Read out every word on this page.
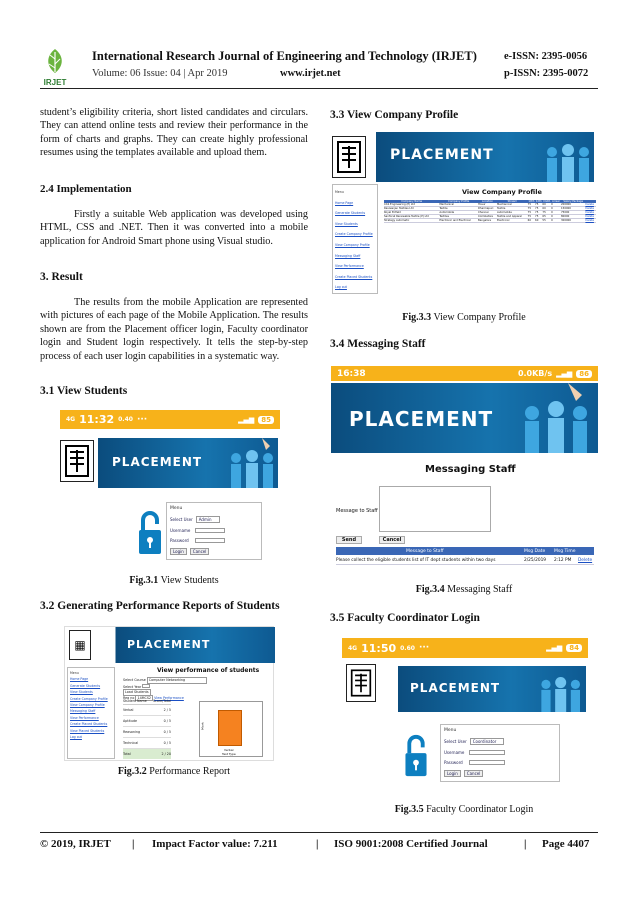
IRJET
International Research Journal of Engineering and Technology (IRJET)	e-ISSN: 2395-0056
Volume: 06 Issue: 04 | Apr 2019	www.irjet.net	p-ISSN: 2395-0072
student’s eligibility criteria, short listed candidates and circulars. They can attend online tests and review their performance in the form of charts and graphs. They can create highly professional resumes using the templates available and upload them.
2.4 Implementation
Firstly a suitable Web application was developed using HTML, CSS and .NET. Then it was converted into a mobile application for Android Smart phone using Visual studio.
3. Result
The results from the mobile Application are represented with pictures of each page of the Mobile Application. The results shown are from the Placement officer login, Faculty coordinator login and Student login respectively. It tells the step-by-step process of each user login capabilities in a systematic way.
3.1 View Students
4G 11:32 0.40 ···	▂▄▆	85
PLACEMENT
Menu
Select User	Admin
Username
Password
Login	Cancel
Fig.3.1 View Students
3.2 Generating Performance Reports of Students
▦	PLACEMENT
Menu
Home Page
Generate Students
View Students
Create Company Profile
View Company Profile
Messaging Staff
View Performance
Create Placed Students
View Placed Students
Log out
View performance of students
Select Course Computer Networking
Select Year
Load Students
Reg no 14MCS2 View Performance
Student Name Score/Total
Verbal	2 / 5
Aptitude	0 / 5
Reasoning	0 / 5
Technical	0 / 5
Total	2 / 20
Mark
Verbal
Test Type
Fig.3.2 Performance Report
3.3 View Company Profile
PLACEMENT
Menu
Home Page
Generate Students
View Students
Create Company Profile
View Company Profile
Messaging Staff
View Performance
Create Placed Students
Log out
View Company Profile
Company Name	Company Profile	Location	Stream	10th	12th	CGPA	Arrear	Salary Package	
CAS Engineering (P) Ltd	Mechanical	Hosur	Mechanical	75	75	60	0	200000	Delete
Ravisanjan Textiles Ltd	Textile	Dharmapuri	Textile	75	75	60	0	150000	Delete
Royal Enfield	Automobile	Chennai	Automobile	75	75	75	0	75000	Delete
Sanforsk Renewable Textile (P) Ltd	Textiles	Coimbatore	Textile and Apparel	75	75	65	0	80000	Delete
Strategy Automatic	Electronic and Electrical	Bangalore	Electronic	60	60	55	0	300000	Delete
Fig.3.3 View Company Profile
3.4 Messaging Staff
16:38	0.0KB/s ▂▄▆	86
PLACEMENT
Messaging Staff
Message to Staff
Send	Cancel
Message to Staff	Msg Date	Msg Time
Please collect the eligible students list of IT dept students within two days	2/25/2019	2:12 PM	Delete
Fig.3.4 Messaging Staff
3.5 Faculty Coordinator Login
4G 11:50 0.60 ···	▂▄▆	84
PLACEMENT
Menu
Select User	Coordinator
Username
Password
Login	Cancel
Fig.3.5 Faculty Coordinator Login
© 2019, IRJET | Impact Factor value: 7.211	| ISO 9001:2008 Certified Journal	| Page 4407
